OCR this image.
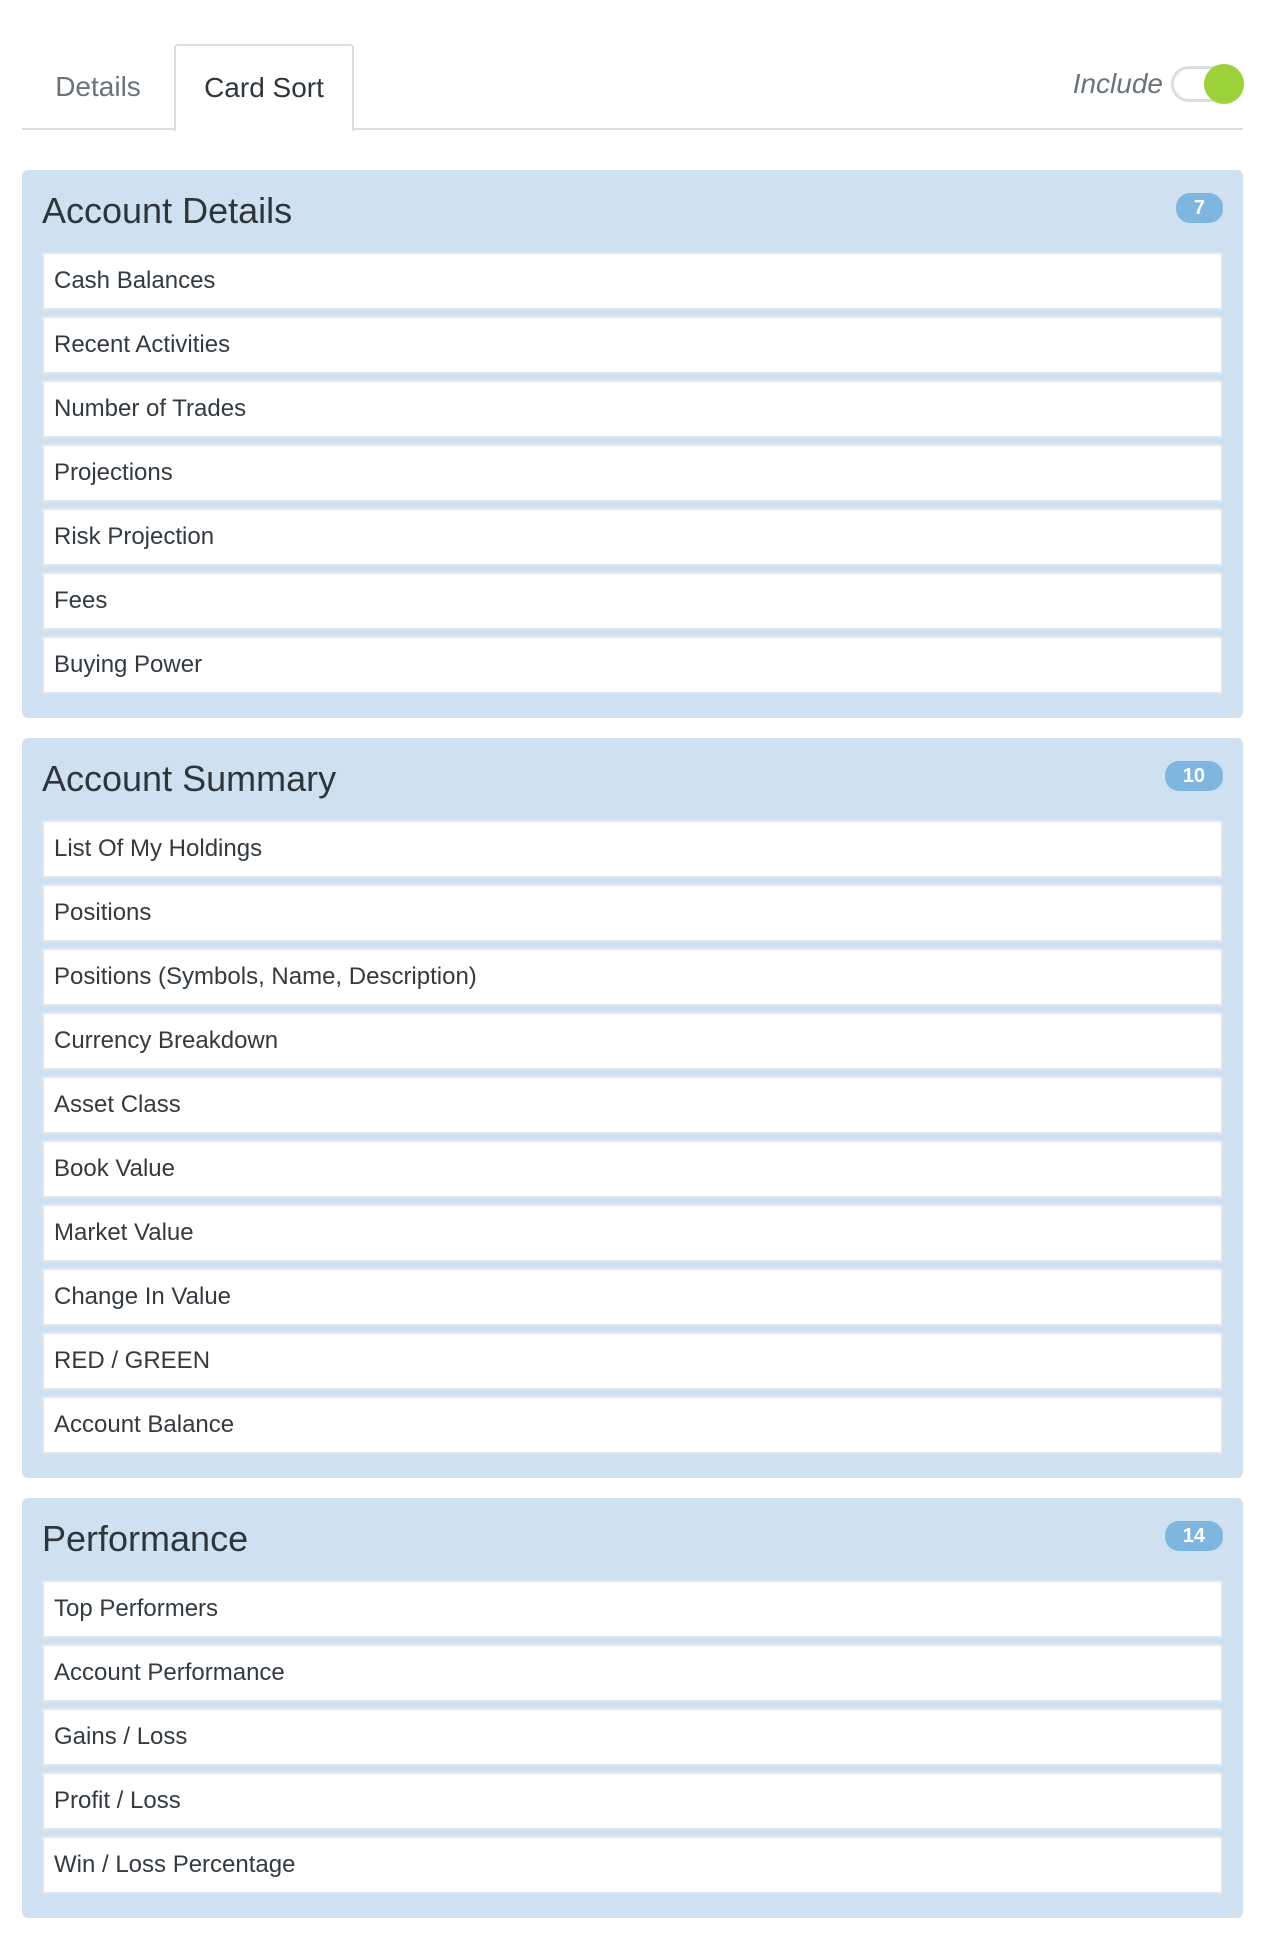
Details	Card Sort	Include
Account Details	7
Cash Balances
Recent Activities
Number of Trades
Projections
Risk Projection
Fees
Buying Power
Account Summary	10
List Of My Holdings
Positions
Positions (Symbols, Name, Description)
Currency Breakdown
Asset Class
Book Value
Market Value
Change In Value
RED / GREEN
Account Balance
Performance	14
Top Performers
Account Performance
Gains / Loss
Profit / Loss
Win / Loss Percentage
